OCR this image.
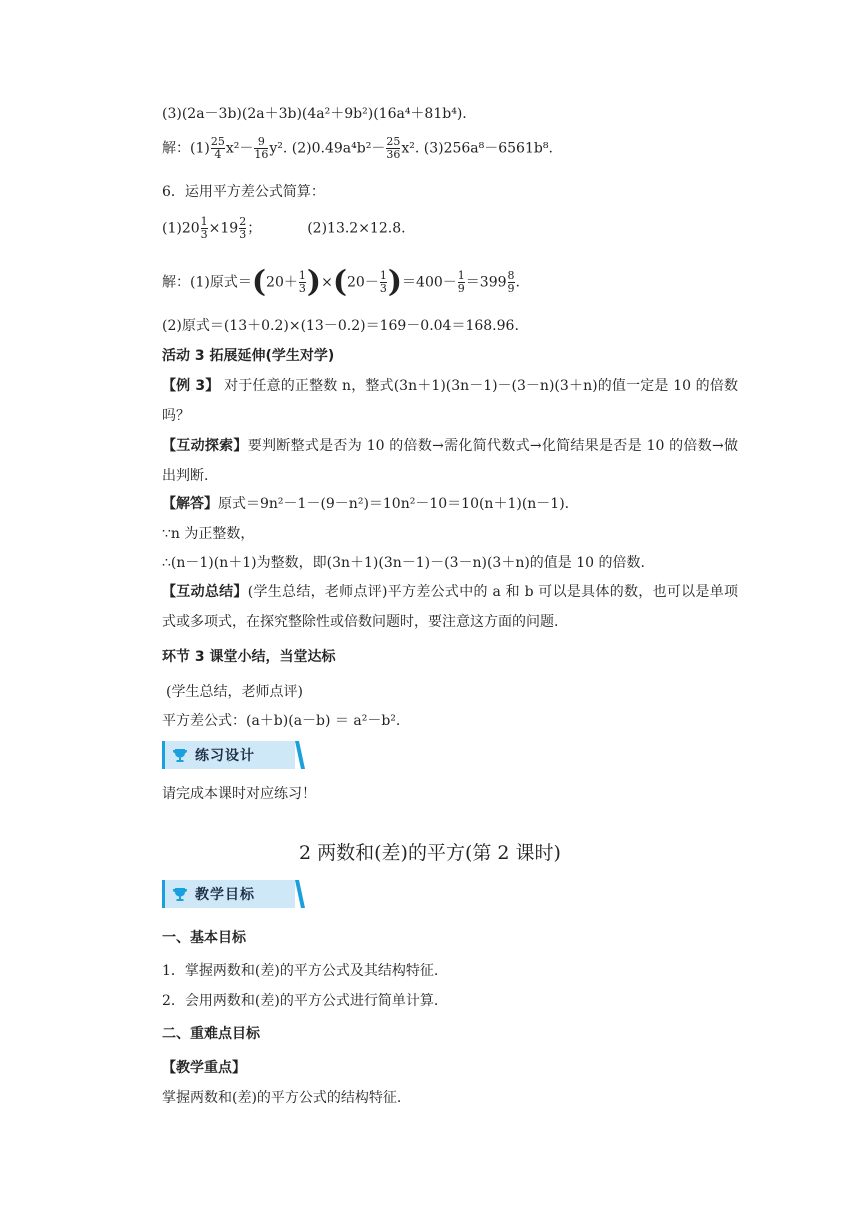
(3)(2a－3b)(2a＋3b)(4a²＋9b²)(16a⁴＋81b⁴).
解：$(1) \frac{25}{4} x^2- \frac{9}{16} y^2$. $(2)0.49a^4b^2- \frac{25}{36} x^2$. (3)256a⁸－6561b⁸.
6．运用平方差公式简算：
$(1)20 \frac{1}{3} \times 19 \frac{2}{3}$ ；	(2)13.2×12.8.
解：(1)原式$=(20+ \frac{1}{3} )\times(20- \frac{1}{3} )=400- \frac{1}{9} =399 \frac{8}{9}$ .
(2)原式＝(13＋0.2)×(13－0.2)＝169－0.04＝168.96.
活动 3 拓展延伸(学生对学)
【例 3】 对于任意的正整数 n，整式(3n＋1)(3n－1)－(3－n)(3＋n)的值一定是 10 的倍数吗？
【互动探索】要判断整式是否为 10 的倍数→需化简代数式→化简结果是否是 10 的倍数→做出判断.
【解答】原式＝9n²－1－(9－n²)＝10n²－10＝10(n＋1)(n－1).
∵n 为正整数，
∴(n－1)(n＋1)为整数，即(3n＋1)(3n－1)－(3－n)(3＋n)的值是 10 的倍数.
【互动总结】(学生总结，老师点评)平方差公式中的 a 和 b 可以是具体的数，也可以是单项式或多项式，在探究整除性或倍数问题时，要注意这方面的问题.
环节 3 课堂小结，当堂达标
(学生总结，老师点评)
平方差公式：(a＋b)(a－b) ＝ a²－b².
练习设计
请完成本课时对应练习！
2 两数和(差)的平方(第 2 课时)
教学目标
一、基本目标
1．掌握两数和(差)的平方公式及其结构特征.
2．会用两数和(差)的平方公式进行简单计算.
二、重难点目标
【教学重点】
掌握两数和(差)的平方公式的结构特征.
